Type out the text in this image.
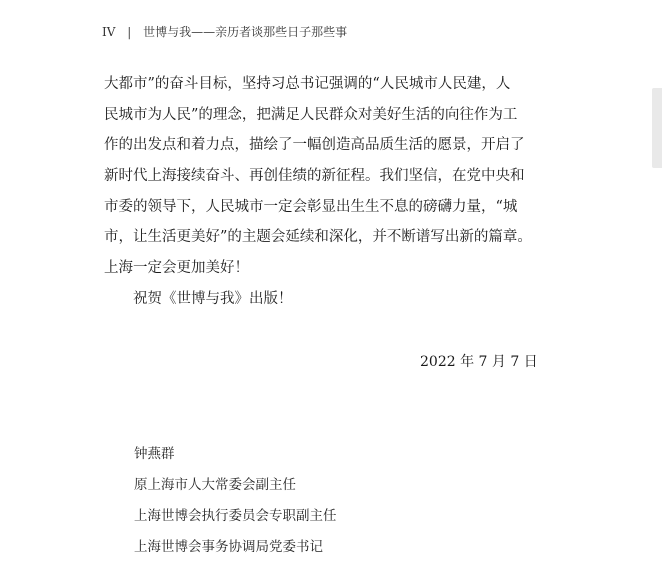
IV | 世博与我——亲历者谈那些日子那些事
大都市”的奋斗目标，坚持习总书记强调的“人民城市人民建，人
民城市为人民”的理念，把满足人民群众对美好生活的向往作为工
作的出发点和着力点，描绘了一幅创造高品质生活的愿景，开启了
新时代上海接续奋斗、再创佳绩的新征程。我们坚信，在党中央和
市委的领导下，人民城市一定会彰显出生生不息的磅礴力量，“城
市，让生活更美好”的主题会延续和深化，并不断谱写出新的篇章。
上海一定会更加美好！
祝贺《世博与我》出版！
2022 年 7 月 7 日
钟燕群
原上海市人大常委会副主任
上海世博会执行委员会专职副主任
上海世博会事务协调局党委书记
